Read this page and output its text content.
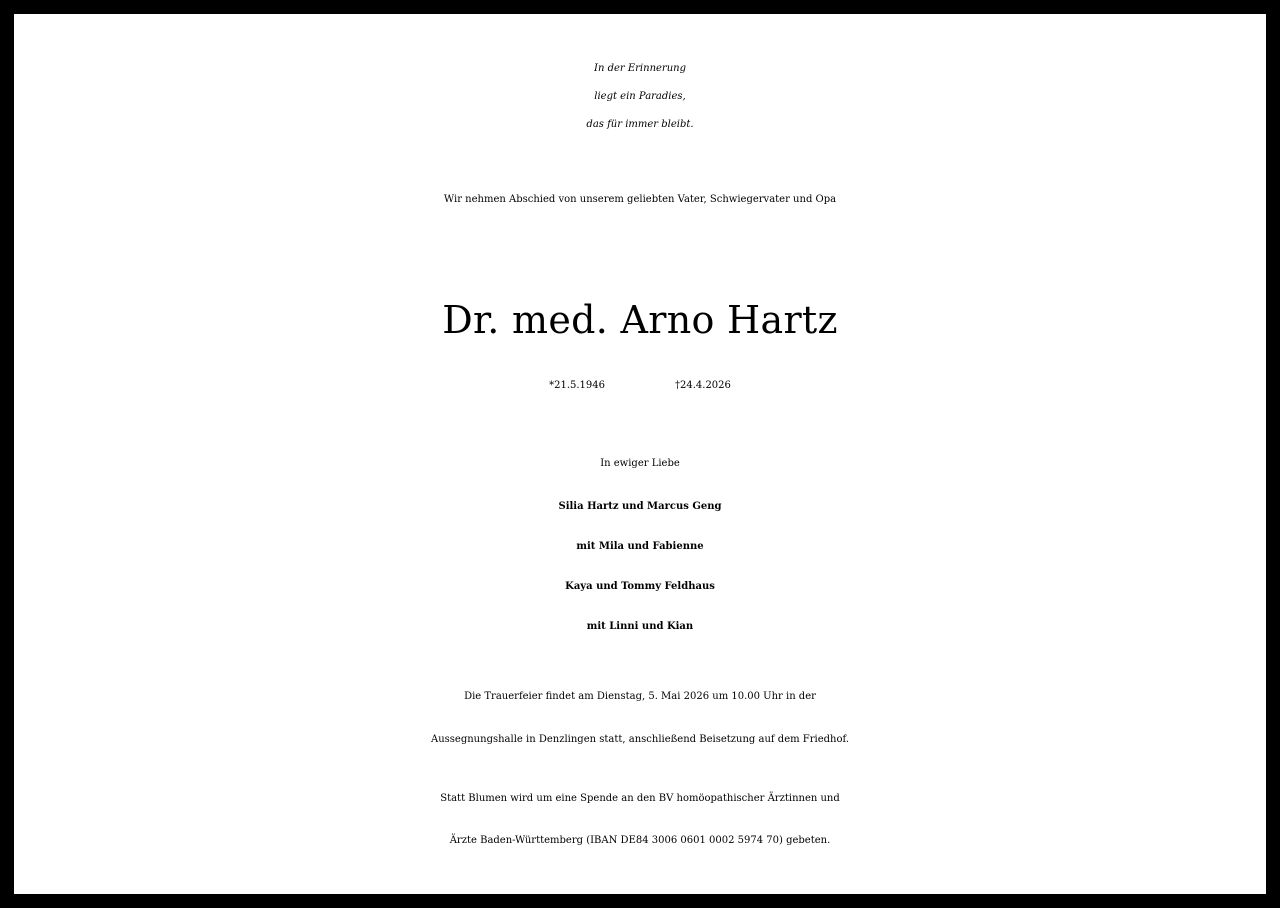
In der Erinnerung
liegt ein Paradies,
das für immer bleibt.
Wir nehmen Abschied von unserem geliebten Vater, Schwiegervater und Opa
Dr. med. Arno Hartz
*21.5.1946	†24.4.2026
In ewiger Liebe
Silia Hartz und Marcus Geng
mit Mila und Fabienne
Kaya und Tommy Feldhaus
mit Linni und Kian
Die Trauerfeier findet am Dienstag, 5. Mai 2026 um 10.00 Uhr in der
Aussegnungshalle in Denzlingen statt, anschließend Beisetzung auf dem Friedhof.
Statt Blumen wird um eine Spende an den BV homöopathischer Ärztinnen und
Ärzte Baden-Württemberg (IBAN DE84 3006 0601 0002 5974 70) gebeten.
